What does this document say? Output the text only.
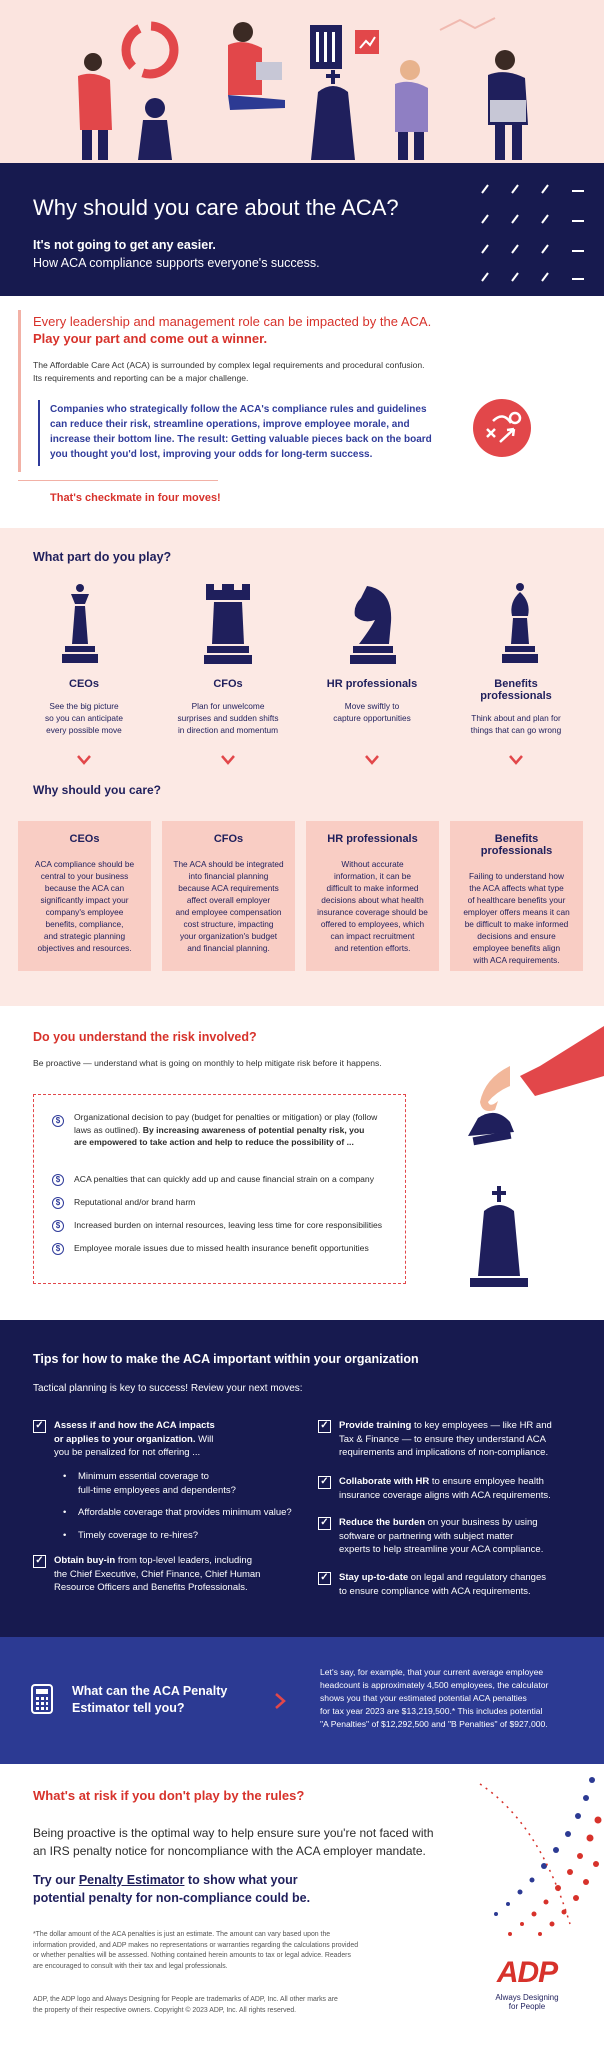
Why should you care about the ACA?
It's not going to get any easier.
How ACA compliance supports everyone's success.
Every leadership and management role can be impacted by the ACA.
Play your part and come out a winner.
The Affordable Care Act (ACA) is surrounded by complex legal requirements and procedural confusion.
Its requirements and reporting can be a major challenge.
Companies who strategically follow the ACA's compliance rules and guidelines
can reduce their risk, streamline operations, improve employee morale, and
increase their bottom line. The result: Getting valuable pieces back on the board
you thought you'd lost, improving your odds for long-term success.
That's checkmate in four moves!
What part do you play?
Why should you care?
CEOs
See the big picture
so you can anticipate
every possible move
CFOs
Plan for unwelcome
surprises and sudden shifts
in direction and momentum
HR professionals
Move swiftly to
capture opportunities
Benefits
professionals
Think about and plan for
things that can go wrong
CEOs
ACA compliance should be
central to your business
because the ACA can
significantly impact your
company's employee
benefits, compliance,
and strategic planning
objectives and resources.
CFOs
The ACA should be integrated
into financial planning
because ACA requirements
affect overall employer
and employee compensation
cost structure, impacting
your organization's budget
and financial planning.
HR professionals
Without accurate
information, it can be
difficult to make informed
decisions about what health
insurance coverage should be
offered to employees, which
can impact recruitment
and retention efforts.
Benefits professionals
Failing to understand how
the ACA affects what type
of healthcare benefits your
employer offers means it can
be difficult to make informed
decisions and ensure
employee benefits align
with ACA requirements.
Do you understand the risk involved?
Be proactive — understand what is going on monthly to help mitigate risk before it happens.
$	Organizational decision to pay (budget for penalties or mitigation) or play (follow
laws as outlined). By increasing awareness of potential penalty risk, you
are empowered to take action and help to reduce the possibility of ...
$	ACA penalties that can quickly add up and cause financial strain on a company
$	Reputational and/or brand harm
$	Increased burden on internal resources, leaving less time for core responsibilities
$	Employee morale issues due to missed health insurance benefit opportunities
Tips for how to make the ACA important within your organization
Tactical planning is key to success! Review your next moves:
✓ Assess if and how the ACA impacts
or applies to your organization. Will
you be penalized for not offering ...
• Minimum essential coverage to
full-time employees and dependents?
• Affordable coverage that provides minimum value?
• Timely coverage to re-hires?
✓ Obtain buy-in from top-level leaders, including
the Chief Executive, Chief Finance, Chief Human
Resource Officers and Benefits Professionals.
✓ Provide training to key employees — like HR and
Tax & Finance — to ensure they understand ACA
requirements and implications of non-compliance.
✓ Collaborate with HR to ensure employee health
insurance coverage aligns with ACA requirements.
✓ Reduce the burden on your business by using
software or partnering with subject matter
experts to help streamline your ACA compliance.
✓ Stay up-to-date on legal and regulatory changes
to ensure compliance with ACA requirements.
What can the ACA Penalty
Estimator tell you?
Let's say, for example, that your current average employee
headcount is approximately 4,500 employees, the calculator
shows you that your estimated potential ACA penalties
for tax year 2023 are $13,219,500.* This includes potential
"A Penalties" of $12,292,500 and "B Penalties" of $927,000.
What's at risk if you don't play by the rules?
Being proactive is the optimal way to help ensure sure you're not faced with
an IRS penalty notice for noncompliance with the ACA employer mandate.
Try our Penalty Estimator to show what your
potential penalty for non-compliance could be.
*The dollar amount of the ACA penalties is just an estimate. The amount can vary based upon the
information provided, and ADP makes no representations or warranties regarding the calculations provided
or whether penalties will be assessed. Nothing contained herein amounts to tax or legal advice. Readers
are encouraged to consult with their tax and legal professionals.
ADP, the ADP logo and Always Designing for People are trademarks of ADP, Inc. All other marks are
the property of their respective owners. Copyright © 2023 ADP, Inc. All rights reserved.
ADP
Always Designing
for People
